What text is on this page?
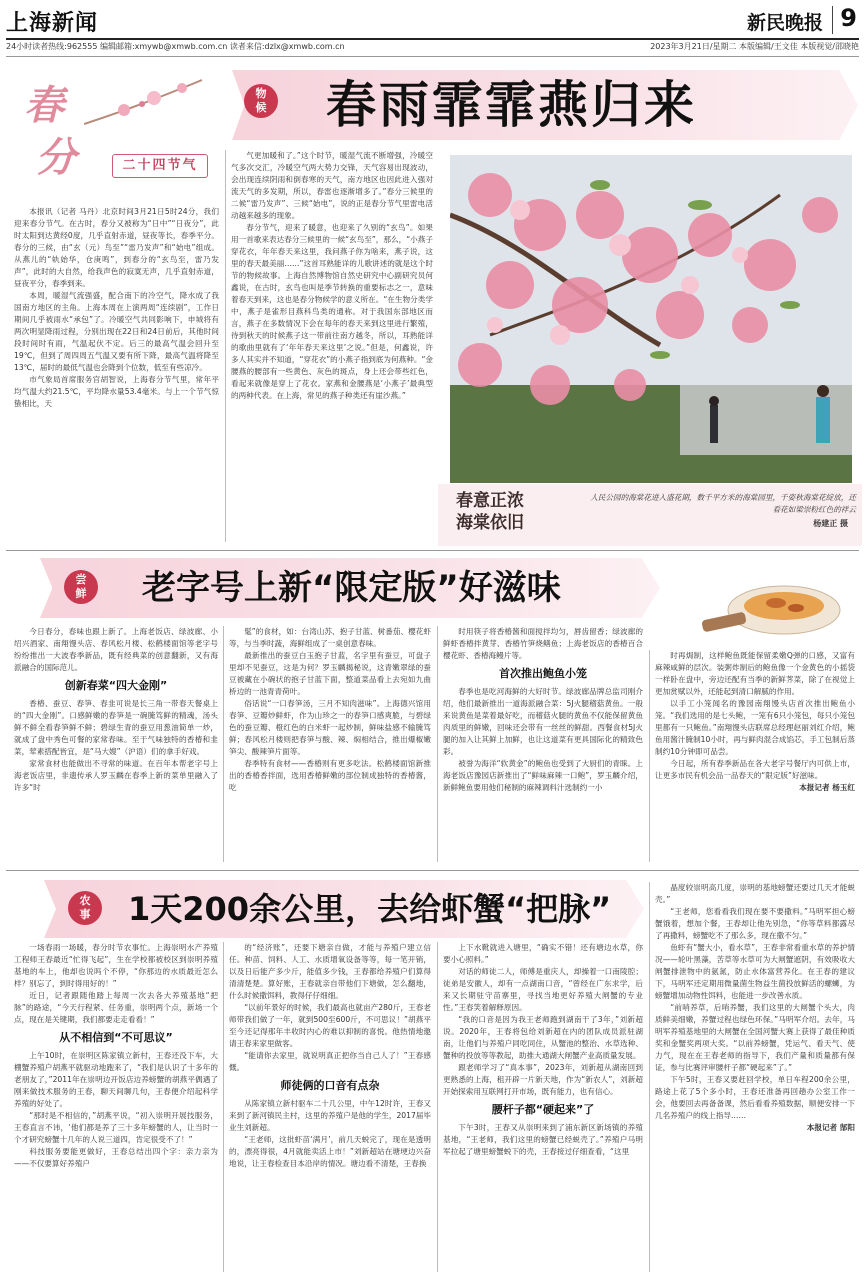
上海新闻	新民晚报 9
24小时读者热线:962555 编辑邮箱:xmywb@xmwb.com.cn 读者来信:dzlx@xmwb.com.cn	2023年3月21日/星期二 本版编辑/王文佳 本版视觉/邵晓艳
春
分	二十四节气
物候 春雨霏霏燕归来

本报讯（记者 马丹）北京时间3月21日5时24分，我们迎来春分节气。在古时，春分又被称为“日中”“日夜分”，此时太阳到达黄经0度，几乎直射赤道，昼夜等长，春季平分。春分的三候，由“玄（元）鸟至”“雷乃发声”和“始电”组成。从燕儿的“轨始华，仓庚鸣”，到春分的“玄鸟至，雷乃发声”，此时的大自然，给我声色的寂寞无声，几乎直射赤道，昼夜平分，春季到来。

本周，暖湿气流强盛，配合南下的冷空气，降水成了我国南方地区的主角。上海本周在上演两周“连续剧”，工作日期间几乎被雨水“承包”了。冷暖空气共同影响下，申城将有两次明显降雨过程，分别出现在22日和24日前后，其他时间段时间时有雨，气温起伏不定。后三的最高气温会回升至19℃，但到了周四周五气温又要有所下降，最高气温将降至13℃，届时的最低气温也会降到个位数，低至有些凉冷。

市气象局首席服务官胡智说，上海春分节气里，常年平均气温大约21.5℃，平均降水量53.4毫米。与上一个节气惊蛰相比，天

气更加暖和了。”这个时节，暖湿气流不断增强，冷暖空气多次交汇，冷暖空气两大势力交锋，天气容易出现波动，会出现连续阴雨和倒春寒的天气，南方地区也因此进入强对流天气的多发期，所以，春雷也逐渐增多了。”春分三候里的二候“雷乃发声”、三候“始电”，说的正是春分节气里雷电活动越来越多的现象。

春分节气，迎来了暖意，也迎来了久别的“玄鸟”。如果用一首歌来表达春分三候里的一候“玄鸟至”，那么，“小燕子穿花衣，年年春天来这里，我问燕子你为啥来，燕子说，这里的春天最美丽……”这首耳熟能详的儿歌讲述的就是这个时节的物候故事。上海自然博物馆自然史研究中心副研究员何鑫说，在古时，玄鸟也叫是季节转换的重要标志之一，意味着春天到来，这也是春分物候学的意义所在。“在生物分类学中，燕子是雀形目燕科鸟类的通称。对于我国东部地区而言，燕子在多数情况下会在每年的春天来到这里进行繁殖，待到秋天的时候燕子这一带前往南方越冬，所以，耳熟能详的歌曲里就有了‘年年春天来这里’之说。”但是，何鑫说，许多人其实并不知道，“穿花衣”的小燕子指到底为何燕种。“金腰燕的腰部有一些黄色、灰色的斑点，身上还会带些红色，看起来就像是穿上了花衣。家燕和金腰燕是‘小燕子’最典型的两种代表。在上海，常见的燕子种类还有崖沙燕。”

春意正浓
海棠依旧
人民公园的海棠花进入盛花期，数千平方米的海棠园里，千姿秋海棠花绽放，还看花如梁崇粉红色的祥云
杨建正 摄
尝鲜 老字号上新“限定版”好滋味

今日春分，春味也跟上新了。上海老饭店、绿波廊、小绍兴酒家、南翔馒头店、春风松月楼、松鹤楼面馆等老字号纷纷推出一大波春季新品，既有经典菜的创意翻新，又有海派融合的国际范儿。

创新春菜“四大金刚”

香椿、蚕豆、春笋、春韭可说是长三角一带春天餐桌上的“四大金刚”。口感鲜嫩的春笋是一碗腌笃鲜的精魂，汤头鲜不鲜全看春笋鲜不鲜；碧绿生青的蚕豆用葱油简单一炒，就成了盘中秀色可餐的家常春味。至于气味独特的香椿和韭菜，荤素搭配皆宜，是“马大嫂”（沪语）们的拿手好戏。

家常食材也能做出不寻常的味道。在百年本帮老字号上海老饭店里，非遗传承人罗玉麟在春季上新的菜单里融入了许多“时

髦”的食材，如：台湾山苏、抱子甘蓝、树番茄、樱花虾等，与当季时蔬，海鲜组成了一桌创意春味。

最新推出的蚕豆白玉抱子甘蓝，名字里有蚕豆，可盘子里却不见蚕豆，这是为何？罗玉麟揭秘说，这青嫩翠绿的蚕豆被藏在小碗状的抱子甘蓝下面，整道菜品看上去宛如九曲桥边的一池青青荷叶。

俗话说“一口春笋汤，三月不知肉滋味”。上海德兴馆用春笋、豆瓣炒鲜虾，作为山珍之一的春笋口感爽脆，与碧绿色的蚕豆瓣、橙红色的白米虾一起炒制，鲜味盐感不输腌笃鲜；春风松月楼则把春笋与酸、辣、焖相结合，推出爆椒嫩笋尖、酸辣笋片面等。

春季特有食材——香椿则有更多吃法。松鹤楼面馆新推出的香椿香拌面，选用香椿鲜嫩的部位制成独特的香椿酱，吃

时用筷子将香椿酱和面搅拌均匀，唇齿留香；绿波廊的鲜虾香椿拌黄芽、香椿竹笋烧鳝鱼；上海老饭店的香椿百合樱花虾、香椿海鳗片等。

首次推出鲍鱼小笼

春季也是吃河海鲜的大好时节。绿波廊品牌总监司刚介绍，他们最新推出一道海派融合菜：5J火腿稽菇黄鱼。一般来说黄鱼是菜着最好吃，而稽菇火腿的黄鱼不仅能保留黄鱼肉质里的鲜嫩，回味还会带有一丝丝的鲜甜。西餐食材5J火腿的加入让其鲜上加鲜，也让这道菜有更具国际化的精致色彩。

被誉为海洋“软黄金”的鲍鱼也受到了大厨们的青睐。上海老饭店豫园店新推出了“鲜味麻辣一口鲍”，罗玉麟介绍，新鲜鲍鱼要用他们秘制的麻辣调料汁选制约一小

时再焗制，这样鲍鱼既能保留柔嫩Q弹的口感，又富有麻辣咸鲜的层次。装粥炸制后的鲍鱼像一个金黄色的小摇袋一样卧在盘中，旁边还配有当季的新鲜荠菜，除了在视觉上更加赏赋以外，还能起到清口解腻的作用。

以手工小笼闻名的豫园南翔馒头店首次推出鲍鱼小笼。“我们选用的是七头鲍，一笼有6只小笼包，每只小笼包里都有一只鲍鱼。”南翔馒头店联席总经理赵丽刘红介绍，鲍鱼用酱汁腌制10小时，再与鲜肉混合成馅芯，手工包制后蒸制约10分钟即可品尝。

今日起，所有春季新品在各大老字号餐厅内可供上市，让更多市民有机会品一品春天的“限定版”好滋味。

本报记者 杨玉红
农事 1天200余公里，去给虾蟹“把脉”

一场春雨一场暖，春分时节农事忙。上海崇明水产养殖工程师王春最近“忙得飞起”，生在学校都被校区到崇明养殖基地的车上，他却也说吗个不停，“你那边的水质最近怎么样？别忘了，到时得用好的！”

近日，记者跟随他踏上每周一次去各大养殖基地“把脉”的路途，“今天行程紧、任务重，崇明两个点，新场一个点，现在是关键期，我们都要走走看看！”

从不相信到“不可思议”

上午10时，在崇明区陈家镇立新村，王春还没下车，大棚蟹养殖户胡燕平就驱动地跑来了，“我们是认识了十多年的老朋友了，”2011年在崇明边开饭店边养螃蟹的胡燕平偶遇了刚来做技术服务的王春，聊天间聊几句，王春便介绍起科学养殖的好处了。

“那时是不相信的，”胡燕平说，“初入崇明开展技服务，王春直言不讳，‘他们都是养了三十多年螃蟹的人，让当时一个才研究螃蟹十几年的人说三道四，肯定很受不了！”

科技服务要能更做好，王春总结出四个字：亲力亲为——不仅要算好养殖户

的“经济账”，还要下塘亲自做，才能与养殖户建立信任。种苗、饲料、人工、水质增氧设备等等，每一笔开销，以及日后能产多少斤，能值多少钱，王春都给养殖户们算得清清楚楚。算好账，王春就亲自带他们下塘做，怎么翻地，什么时候撒饵料，教得仔仔细细。

“以前年景好的时候，我们最高也就亩产280斤，王春老师带我们做了一年，就到500至600斤，不可思议！”胡燕平至今还记得那年丰收时内心的难以抑制的喜悦。他热情地邀请王春来家里做客。

“能请你去家里，就说明真正把你当自己人了！”王春感慨。

师徒俩的口音有点杂

从陈家镇立新村驱车二十几公里，中午12时许，王春又来到了新河镇民主村，这里的养殖户是他的学生，2017届毕业生刘新超。

“王老师，这批虾苗‘满月’，前几天蜕完了，现在是透明的，漂亮得很，4月就能卖活上市！”刘新超站在塘埂边兴奋地说，让王春检查目本沿岸的情况。塘边看不清楚，王春换

上下水靴就进入塘里，“确实不错！还有塘边水草，你要小心照料。”

对话的师徒二人，师傅是重庆人，却操着一口南陵腔；徒弟是安徽人，却有一点湖南口音，“曾经在广东求学，后来又长期驻守苗寨里，寻找当地更好养殖大闸蟹的专业性。”王春笑着解释原因。

“我的口音是因为我王老师跑到湖南干了3年，”刘新超说。2020年，王春将包给刘新超在内的团队成员派驻湖南，让他们与养殖户同吃同住，从蟹池的整治、水草选种、蟹种的投放等等教起，助推大通湖大闸蟹产业高质量发展。

跟老师学习了“真本事”，2023年，刘新超从湖南回到更熟悉的上海，租开辟一片新天地，作为“新农人”，刘新超开始探索用互联网打开市场，既有能力，也有信心。

腰杆子都“硬起来”了

下午3时，王春又从崇明来到了浦东新区新场镇的养殖基地，“王老师，我们这里的螃蟹已经蜕壳了。”养殖户马明军拉起了塘里螃蟹蜕下的壳，王春接过仔细查看，“这里

晶度较崇明高几度，崇明的基地螃蟹还要过几天才能蜕壳。”

“王老师，您看看我们现在要不要撒料。”马明军担心螃蟹饿着，想加个餐，王春却让他先别急，“你等草料都露尽了再撒料，螃蟹吃不了那么多，现在撒不匀。”

鱼虾有“蟹大小，看水草”，王春非常看重水草的养护情况——轮叶黑藻，苦草等水草可为大闸蟹遮阴，有效吸收大闸蟹排泄物中的氨氮，防止水体富营养化。在王春的建议下，马明军还定期用微量菌生物益生菌投放鲜活的螺蛳，为螃蟹增加动物性饵料，也能进一步改善水质。

“前哨养草，后哨养蟹，我们这里的大闸蟹个头大，肉质鲜美细嫩，养蟹过程也绿色环保。”马明军介绍。去年，马明军养殖基地里的大闸蟹在全国河蟹大赛上获得了最佳种质奖和金蟹奖两项大奖。“以前养螃蟹，凭运气、看天气、使力气，现在在王春老师的指导下，我们产量和质量都有保证，参与比赛评审腰杆子都“硬起来”了。”

下午5时，王春又要赶回学校，单日车程200余公里，路途上花了5个多小时，王春还准备再回趟办公室工作一会，他要回去再备备课，然后看看养殖数据，顺便安排一下几名养殖户的线上指导……

本报记者 郜阳
